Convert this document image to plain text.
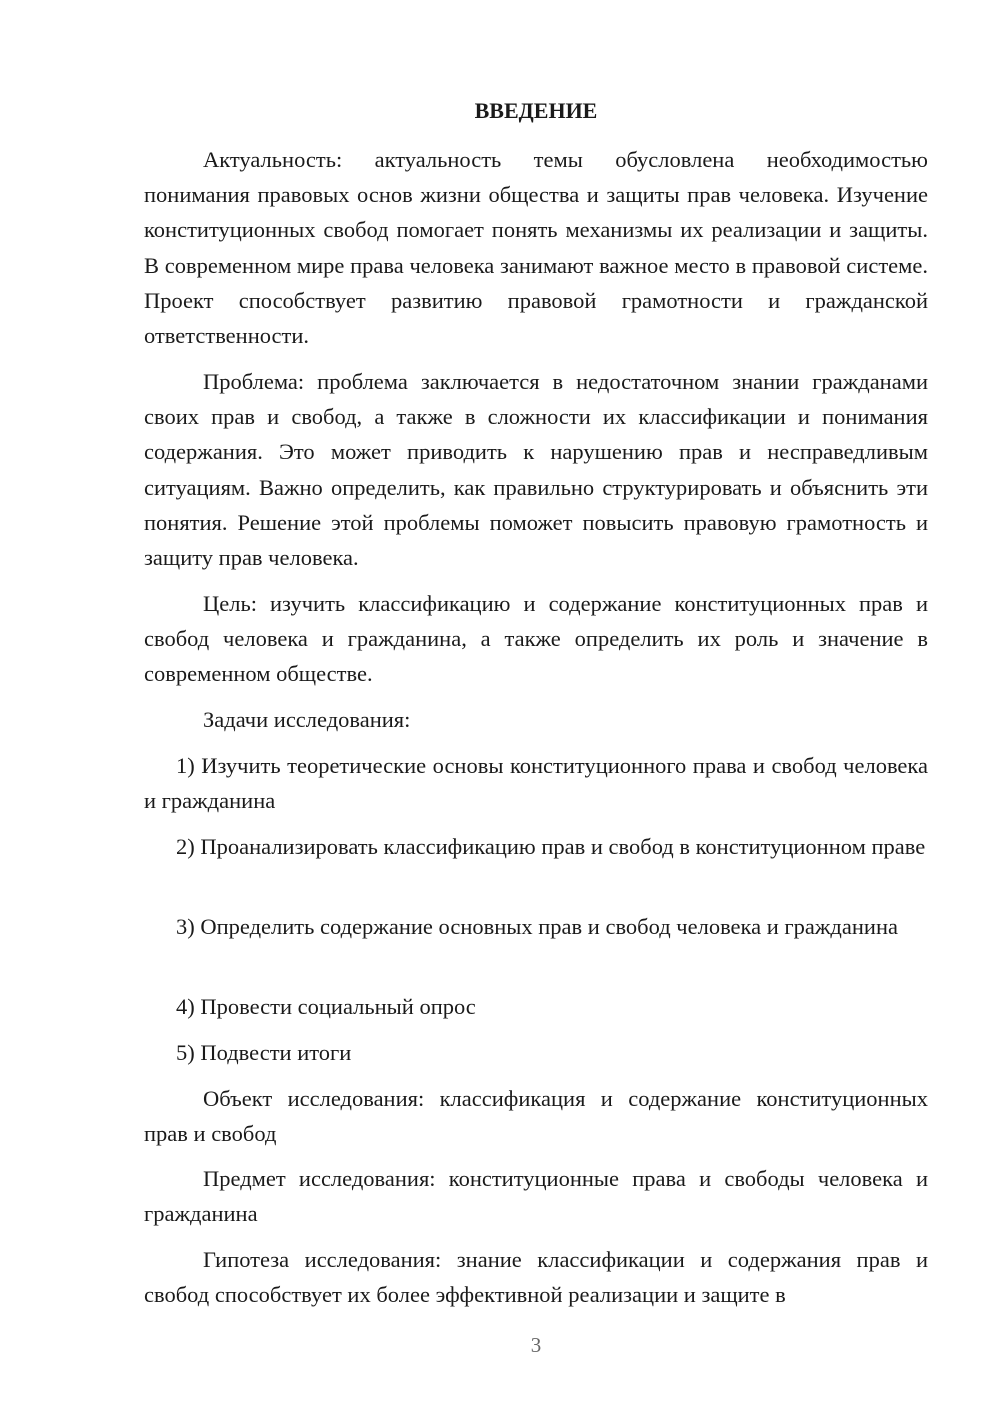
ВВЕДЕНИЕ

Актуальность: актуальность темы обусловлена необходимостью понимания правовых основ жизни общества и защиты прав человека. Изучение конституционных свобод помогает понять механизмы их реализации и защиты. В современном мире права человека занимают важное место в правовой системе. Проект способствует развитию правовой грамотности и гражданской ответственности.

Проблема: проблема заключается в недостаточном знании гражданами своих прав и свобод, а также в сложности их классификации и понимания содержания. Это может приводить к нарушению прав и несправедливым ситуациям. Важно определить, как правильно структурировать и объяснить эти понятия. Решение этой проблемы поможет повысить правовую грамотность и защиту прав человека.

Цель: изучить классификацию и содержание конституционных прав и свобод человека и гражданина, а также определить их роль и значение в современном обществе.

Задачи исследования:

1) Изучить теоретические основы конституционного права и свобод человека и гражданина

2) Проанализировать классификацию прав и свобод в конституционном праве

3) Определить содержание основных прав и свобод человека и гражданина

4) Провести социальный опрос

5) Подвести итоги

Объект исследования: классификация и содержание конституционных прав и свобод

Предмет исследования: конституционные права и свободы человека и гражданина

Гипотеза исследования: знание классификации и содержания прав и свобод способствует их более эффективной реализации и защите в

3
